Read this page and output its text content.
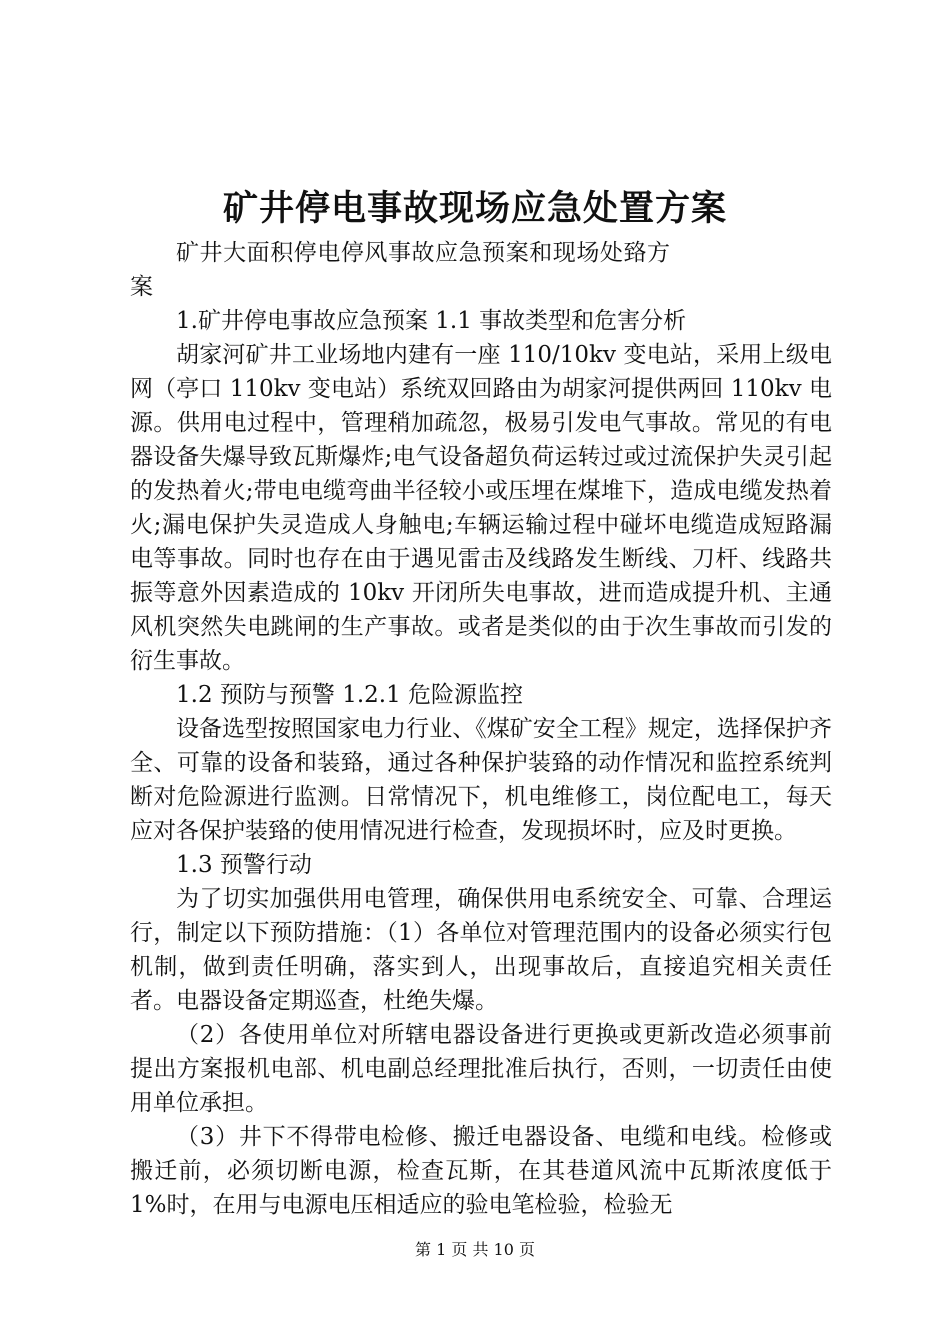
矿井停电事故现场应急处置方案

矿井大面积停电停风事故应急预案和现场处臵方案

1.矿井停电事故应急预案 1.1 事故类型和危害分析

胡家河矿井工业场地内建有一座 110/10kv 变电站，采用上级电网（亭口 110kv 变电站）系统双回路由为胡家河提供两回 110kv 电源。供用电过程中，管理稍加疏忽，极易引发电气事故。常见的有电器设备失爆导致瓦斯爆炸;电气设备超负荷运转过或过流保护失灵引起的发热着火;带电电缆弯曲半径较小或压埋在煤堆下，造成电缆发热着火;漏电保护失灵造成人身触电;车辆运输过程中碰坏电缆造成短路漏电等事故。同时也存在由于遇见雷击及线路发生断线、刀杆、线路共振等意外因素造成的 10kv 开闭所失电事故，进而造成提升机、主通风机突然失电跳闸的生产事故。或者是类似的由于次生事故而引发的衍生事故。

1.2 预防与预警 1.2.1 危险源监控

设备选型按照国家电力行业、《煤矿安全工程》规定，选择保护齐全、可靠的设备和装臵，通过各种保护装臵的动作情况和监控系统判断对危险源进行监测。日常情况下，机电维修工，岗位配电工，每天应对各保护装臵的使用情况进行检查，发现损坏时，应及时更换。

1.3 预警行动

为了切实加强供用电管理，确保供用电系统安全、可靠、合理运行，制定以下预防措施：（1）各单位对管理范围内的设备必须实行包机制，做到责任明确，落实到人，出现事故后，直接追究相关责任者。电器设备定期巡查，杜绝失爆。

（2）各使用单位对所辖电器设备进行更换或更新改造必须事前提出方案报机电部、机电副总经理批准后执行，否则，一切责任由使用单位承担。

（3）井下不得带电检修、搬迁电器设备、电缆和电线。检修或搬迁前，必须切断电源，检查瓦斯，在其巷道风流中瓦斯浓度低于 1%时，在用与电源电压相适应的验电笔检验，检验无

第 1 页 共 10 页
